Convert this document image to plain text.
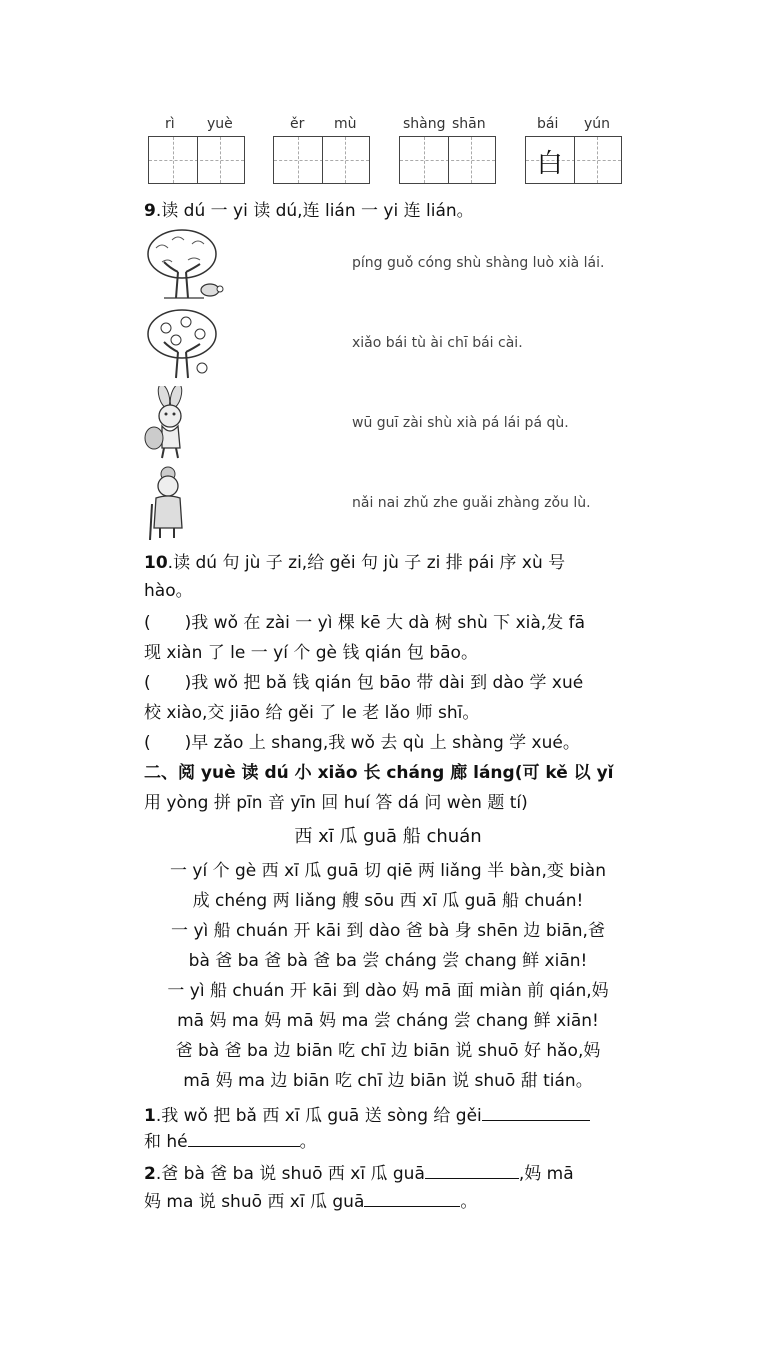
rì yuè	ěr mù	shàng shān	bái yún
白
9.读 dú 一 yi 读 dú,连 lián 一 yi 连 lián。
píng guǒ cóng shù shàng luò xià lái.
xiǎo bái tù ài chī bái cài.
wū guī zài shù xià pá lái pá qù.
nǎi nai zhǔ zhe guǎi zhàng zǒu lù.
10.读 dú 句 jù 子 zi,给 gěi 句 jù 子 zi 排 pái 序 xù 号
hào。
(　　)我 wǒ 在 zài 一 yì 棵 kē 大 dà 树 shù 下 xià,发 fā
现 xiàn 了 le 一 yí 个 gè 钱 qián 包 bāo。
(　　)我 wǒ 把 bǎ 钱 qián 包 bāo 带 dài 到 dào 学 xué
校 xiào,交 jiāo 给 gěi 了 le 老 lǎo 师 shī。
(　　)早 zǎo 上 shang,我 wǒ 去 qù 上 shàng 学 xué。
二、阅 yuè 读 dú 小 xiǎo 长 cháng 廊 láng(可 kě 以 yǐ
用 yòng 拼 pīn 音 yīn 回 huí 答 dá 问 wèn 题 tí)
西 xī 瓜 guā 船 chuán
一 yí 个 gè 西 xī 瓜 guā 切 qiē 两 liǎng 半 bàn,变 biàn
成 chéng 两 liǎng 艘 sōu 西 xī 瓜 guā 船 chuán!
一 yì 船 chuán 开 kāi 到 dào 爸 bà 身 shēn 边 biān,爸
bà 爸 ba 爸 bà 爸 ba 尝 cháng 尝 chang 鲜 xiān!
一 yì 船 chuán 开 kāi 到 dào 妈 mā 面 miàn 前 qián,妈
mā 妈 ma 妈 mā 妈 ma 尝 cháng 尝 chang 鲜 xiān!
爸 bà 爸 ba 边 biān 吃 chī 边 biān 说 shuō 好 hǎo,妈
mā 妈 ma 边 biān 吃 chī 边 biān 说 shuō 甜 tián。
1.我 wǒ 把 bǎ 西 xī 瓜 guā 送 sòng 给 gěi
和 hé	。
2.爸 bà 爸 ba 说 shuō 西 xī 瓜 guā	,妈 mā
妈 ma 说 shuō 西 xī 瓜 guā	。
